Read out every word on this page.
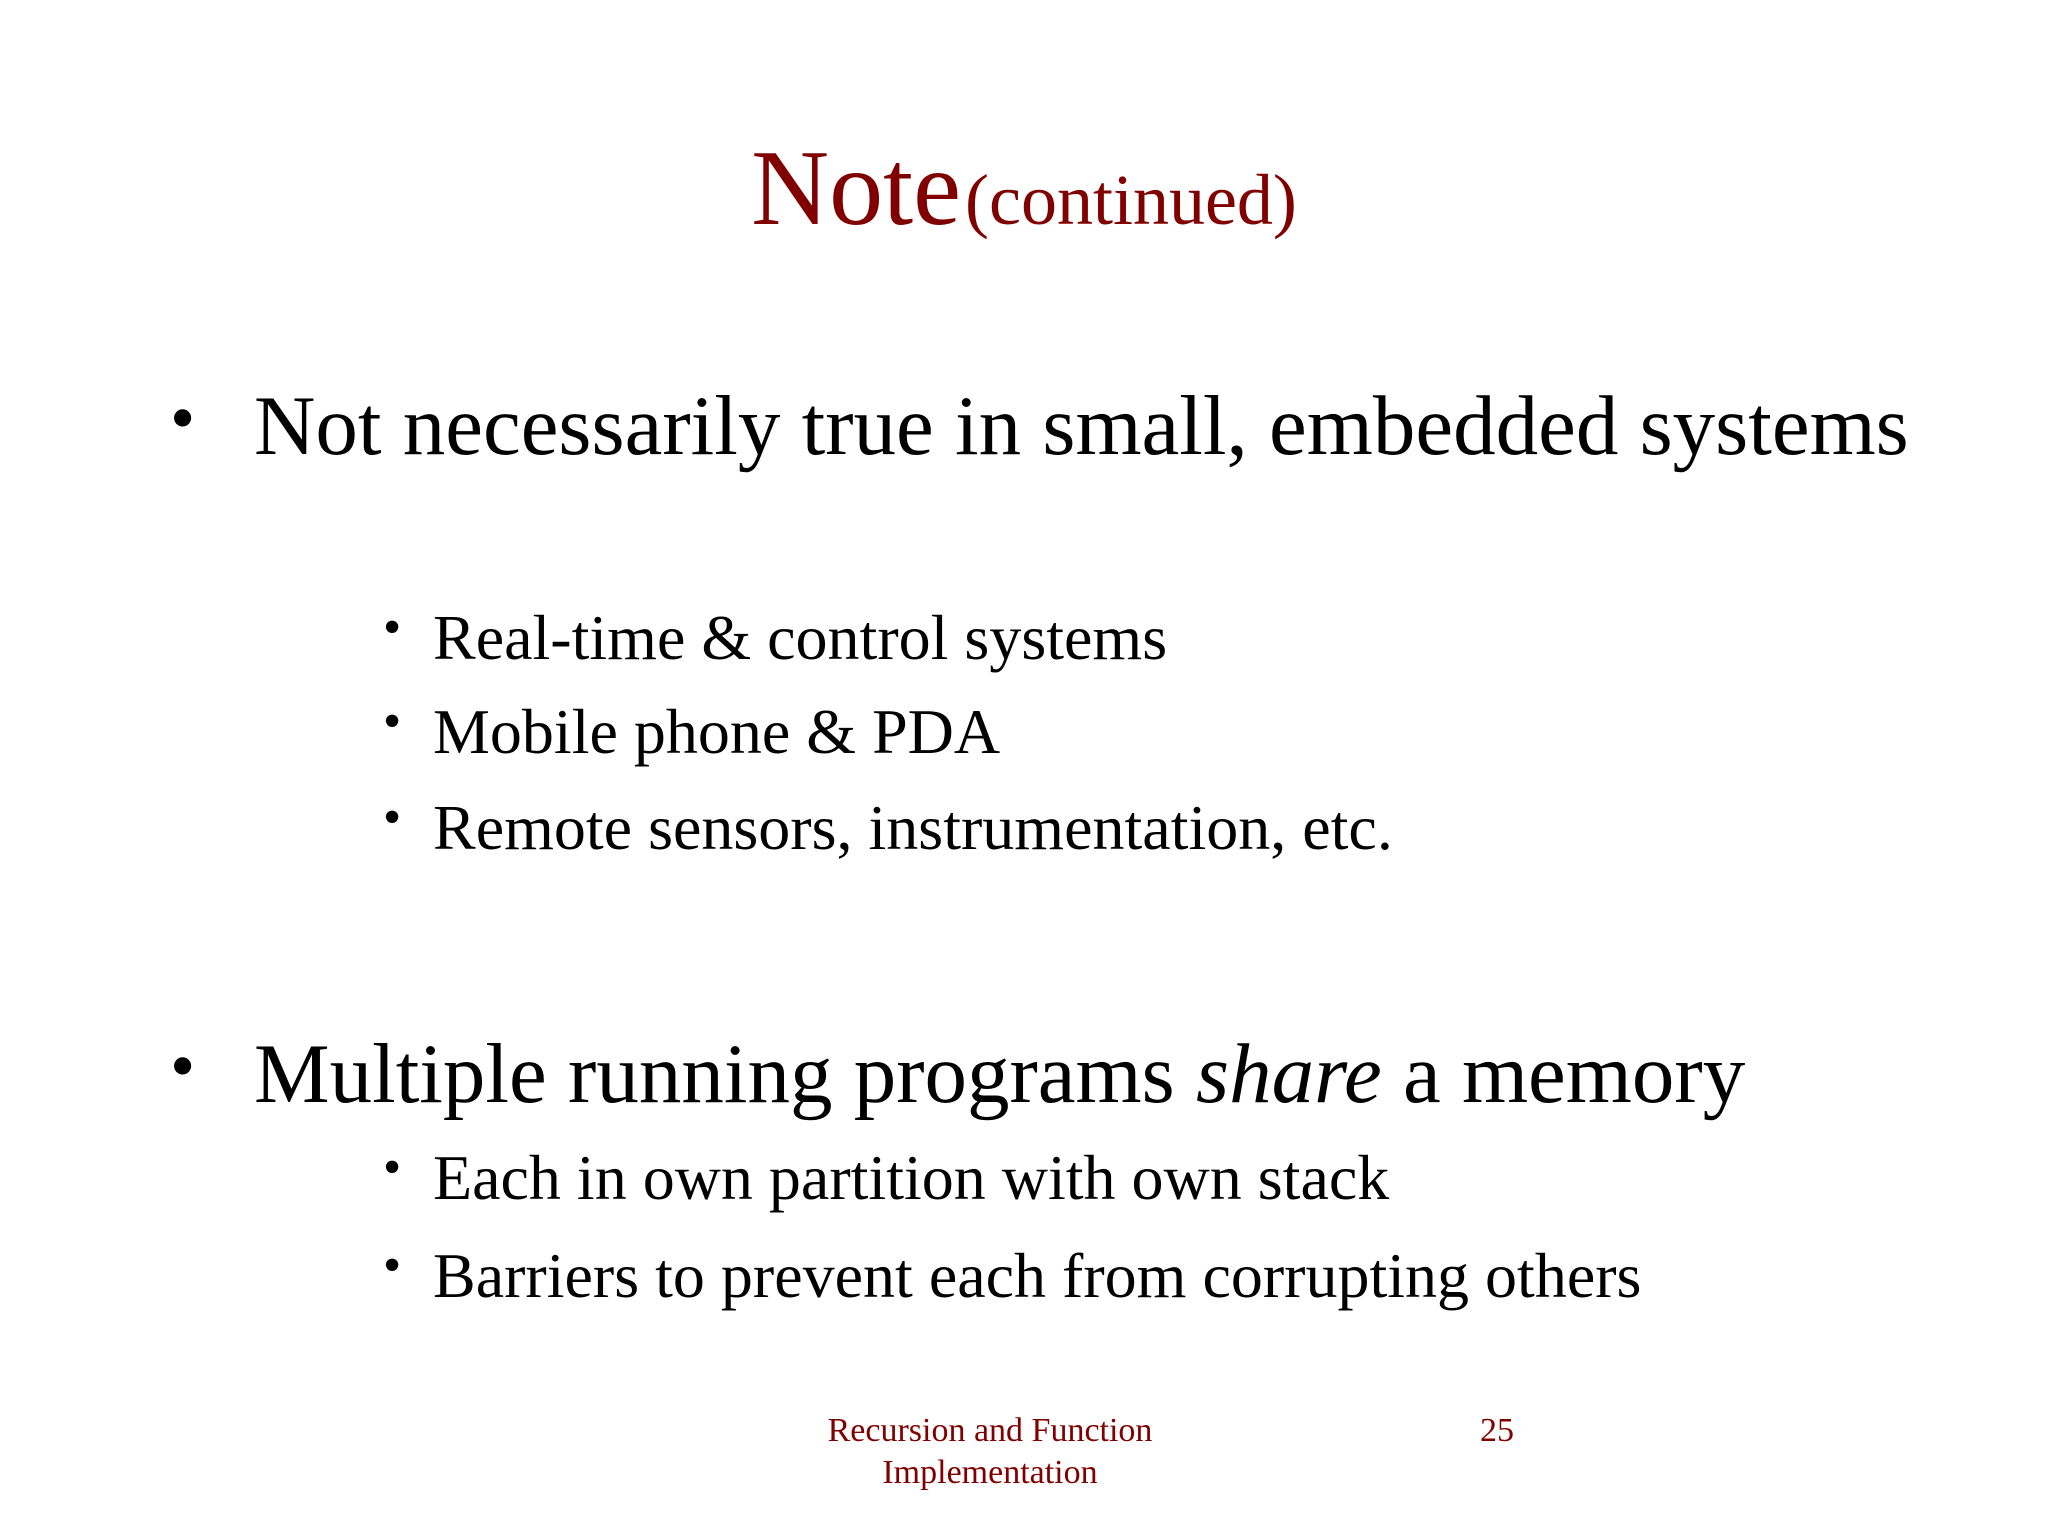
Note (continued)
• Not necessarily true in small, embedded systems
• Real-time & control systems
• Mobile phone & PDA
• Remote sensors, instrumentation, etc.
• Multiple running programs share a memory
• Each in own partition with own stack
• Barriers to prevent each from corrupting others
Recursion and Function
Implementation
25
